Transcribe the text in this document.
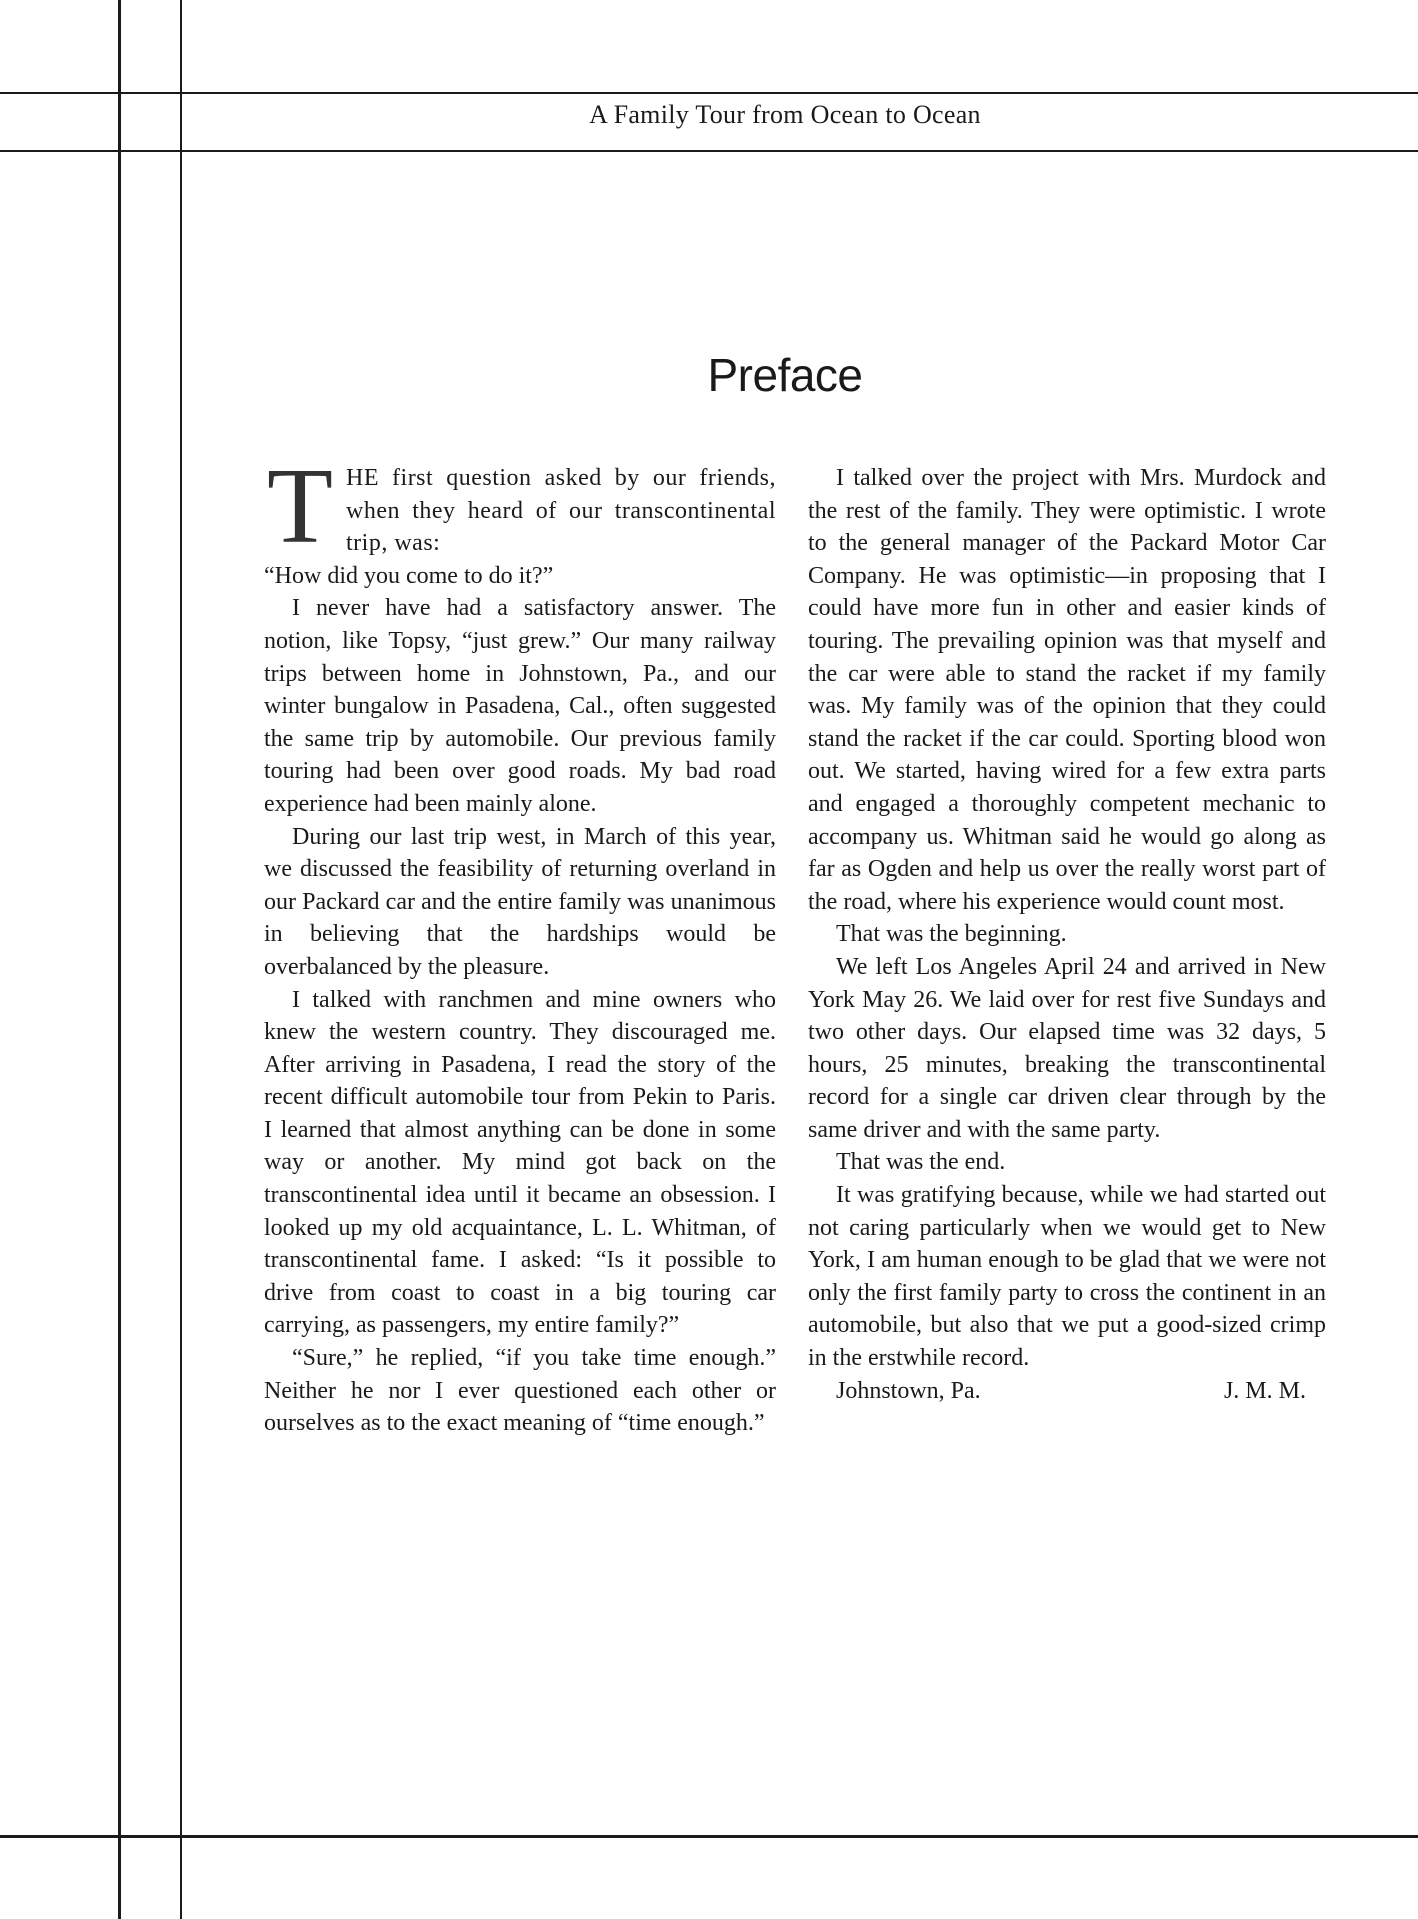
A Family Tour from Ocean to Ocean
Preface

THE first question asked by our friends, when they heard of our transcontinental trip, was:

“How did you come to do it?”

I never have had a satisfactory answer. The notion, like Topsy, “just grew.” Our many railway trips between home in Johnstown, Pa., and our winter bungalow in Pasadena, Cal., often suggested the same trip by automobile. Our previous family touring had been over good roads. My bad road experience had been mainly alone.

During our last trip west, in March of this year, we discussed the feasibility of returning overland in our Packard car and the entire family was unanimous in believing that the hardships would be overbalanced by the pleasure.

I talked with ranchmen and mine owners who knew the western country. They discouraged me. After arriving in Pasadena, I read the story of the recent difficult automobile tour from Pekin to Paris. I learned that almost anything can be done in some way or another. My mind got back on the transcontinental idea until it became an obsession. I looked up my old acquaintance, L. L. Whitman, of transcontinental fame. I asked: “Is it possible to drive from coast to coast in a big touring car carrying, as passengers, my entire family?”

“Sure,” he replied, “if you take time enough.” Neither he nor I ever questioned each other or ourselves as to the exact meaning of “time enough.”

I talked over the project with Mrs. Murdock and the rest of the family. They were optimistic. I wrote to the general manager of the Packard Motor Car Company. He was optimistic—in proposing that I could have more fun in other and easier kinds of touring. The prevailing opinion was that myself and the car were able to stand the racket if my family was. My family was of the opinion that they could stand the racket if the car could. Sporting blood won out. We started, having wired for a few extra parts and engaged a thoroughly competent mechanic to accompany us. Whitman said he would go along as far as Ogden and help us over the really worst part of the road, where his experience would count most.

That was the beginning.

We left Los Angeles April 24 and arrived in New York May 26. We laid over for rest five Sundays and two other days. Our elapsed time was 32 days, 5 hours, 25 minutes, breaking the transcontinental record for a single car driven clear through by the same driver and with the same party.

That was the end.

It was gratifying because, while we had started out not caring particularly when we would get to New York, I am human enough to be glad that we were not only the first family party to cross the continent in an automobile, but also that we put a good-sized crimp in the erstwhile record.

Johnstown, Pa.	J. M. M.
